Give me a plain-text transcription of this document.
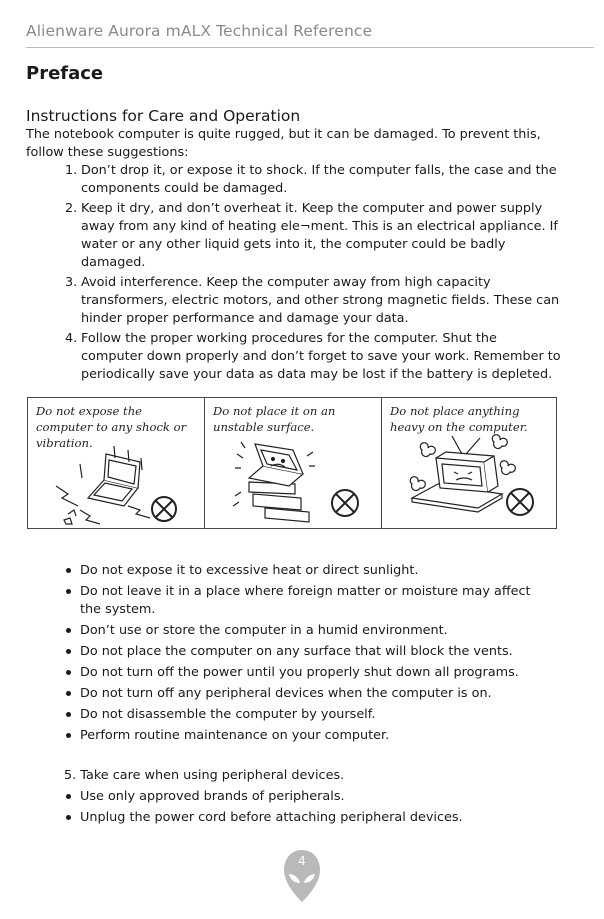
Alienware Aurora mALX Technical Reference
Preface
Instructions for Care and Operation

The notebook computer is quite rugged, but it can be damaged. To prevent this, follow these suggestions:

1. Don’t drop it, or expose it to shock. If the computer falls, the case and the components could be damaged.
2. Keep it dry, and don’t overheat it. Keep the computer and power supply away from any kind of heating ele¬ment. This is an electrical appliance. If water or any other liquid gets into it, the computer could be badly damaged.
3. Avoid interference. Keep the computer away from high capacity transformers, electric motors, and other strong magnetic fields. These can hinder proper performance and damage your data.
4. Follow the proper working procedures for the computer. Shut the computer down properly and don’t forget to save your work. Remember to periodically save your data as data may be lost if the battery is depleted.
Do not expose the computer to any shock or vibration.
Do not place it on an unstable surface.
Do not place anything heavy on the computer.
Do not expose it to excessive heat or direct sunlight.
Do not leave it in a place where foreign matter or moisture may affect the system.
Don’t use or store the computer in a humid environment.
Do not place the computer on any surface that will block the vents.
Do not turn off the power until you properly shut down all programs.
Do not turn off any peripheral devices when the computer is on.
Do not disassemble the computer by yourself.
Perform routine maintenance on your computer.

5. Take care when using peripheral devices.

Use only approved brands of peripherals.
Unplug the power cord before attaching peripheral devices.
4
